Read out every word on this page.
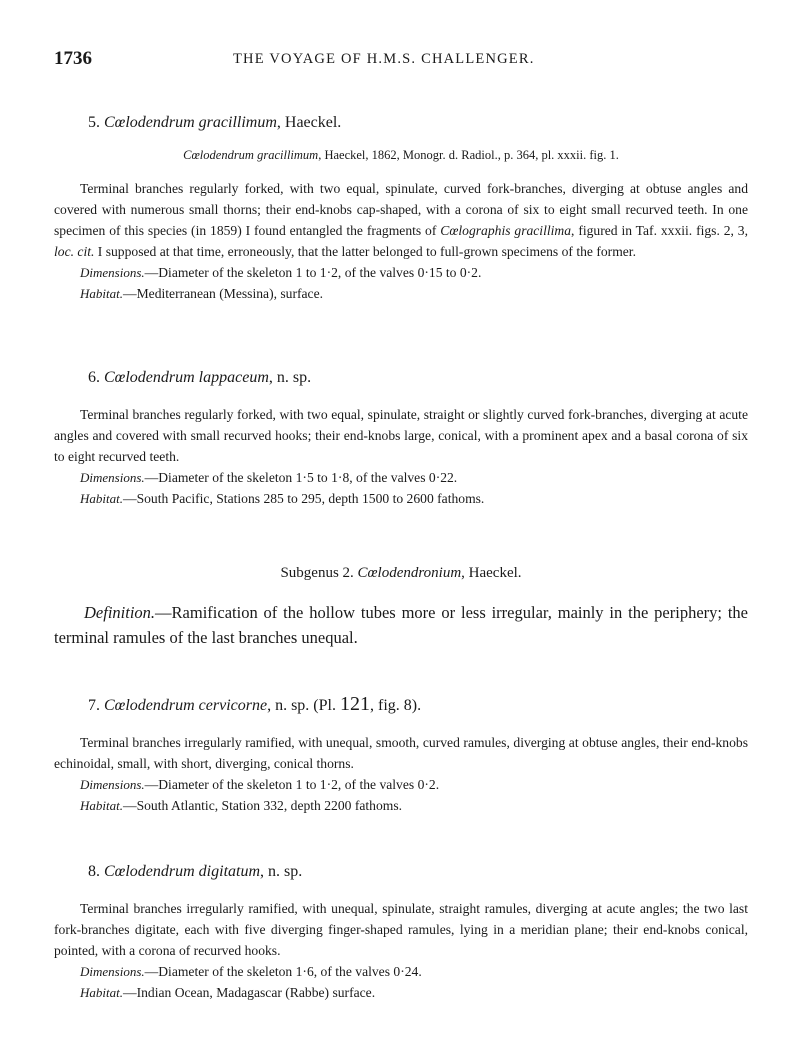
1736	THE VOYAGE OF H.M.S. CHALLENGER.
5. Cœlodendrum gracillimum, Haeckel.
Cœlodendrum gracillimum, Haeckel, 1862, Monogr. d. Radiol., p. 364, pl. xxxii. fig. 1.

Terminal branches regularly forked, with two equal, spinulate, curved fork-branches, diverging at obtuse angles and covered with numerous small thorns; their end-knobs cap-shaped, with a corona of six to eight small recurved teeth. In one specimen of this species (in 1859) I found entangled the fragments of Cœlographis gracillima, figured in Taf. xxxii. figs. 2, 3, loc. cit. I supposed at that time, erroneously, that the latter belonged to full-grown specimens of the former.

Dimensions.—Diameter of the skeleton 1 to 1·2, of the valves 0·15 to 0·2.

Habitat.—Mediterranean (Messina), surface.

6. Cœlodendrum lappaceum, n. sp.

Terminal branches regularly forked, with two equal, spinulate, straight or slightly curved fork-branches, diverging at acute angles and covered with small recurved hooks; their end-knobs large, conical, with a prominent apex and a basal corona of six to eight recurved teeth.

Dimensions.—Diameter of the skeleton 1·5 to 1·8, of the valves 0·22.

Habitat.—South Pacific, Stations 285 to 295, depth 1500 to 2600 fathoms.

Subgenus 2. Cœlodendronium, Haeckel.

Definition.—Ramification of the hollow tubes more or less irregular, mainly in the periphery; the terminal ramules of the last branches unequal.

7. Cœlodendrum cervicorne, n. sp. (Pl. 121, fig. 8).

Terminal branches irregularly ramified, with unequal, smooth, curved ramules, diverging at obtuse angles, their end-knobs echinoidal, small, with short, diverging, conical thorns.

Dimensions.—Diameter of the skeleton 1 to 1·2, of the valves 0·2.

Habitat.—South Atlantic, Station 332, depth 2200 fathoms.

8. Cœlodendrum digitatum, n. sp.

Terminal branches irregularly ramified, with unequal, spinulate, straight ramules, diverging at acute angles; the two last fork-branches digitate, each with five diverging finger-shaped ramules, lying in a meridian plane; their end-knobs conical, pointed, with a corona of recurved hooks.

Dimensions.—Diameter of the skeleton 1·6, of the valves 0·24.

Habitat.—Indian Ocean, Madagascar (Rabbe) surface.
